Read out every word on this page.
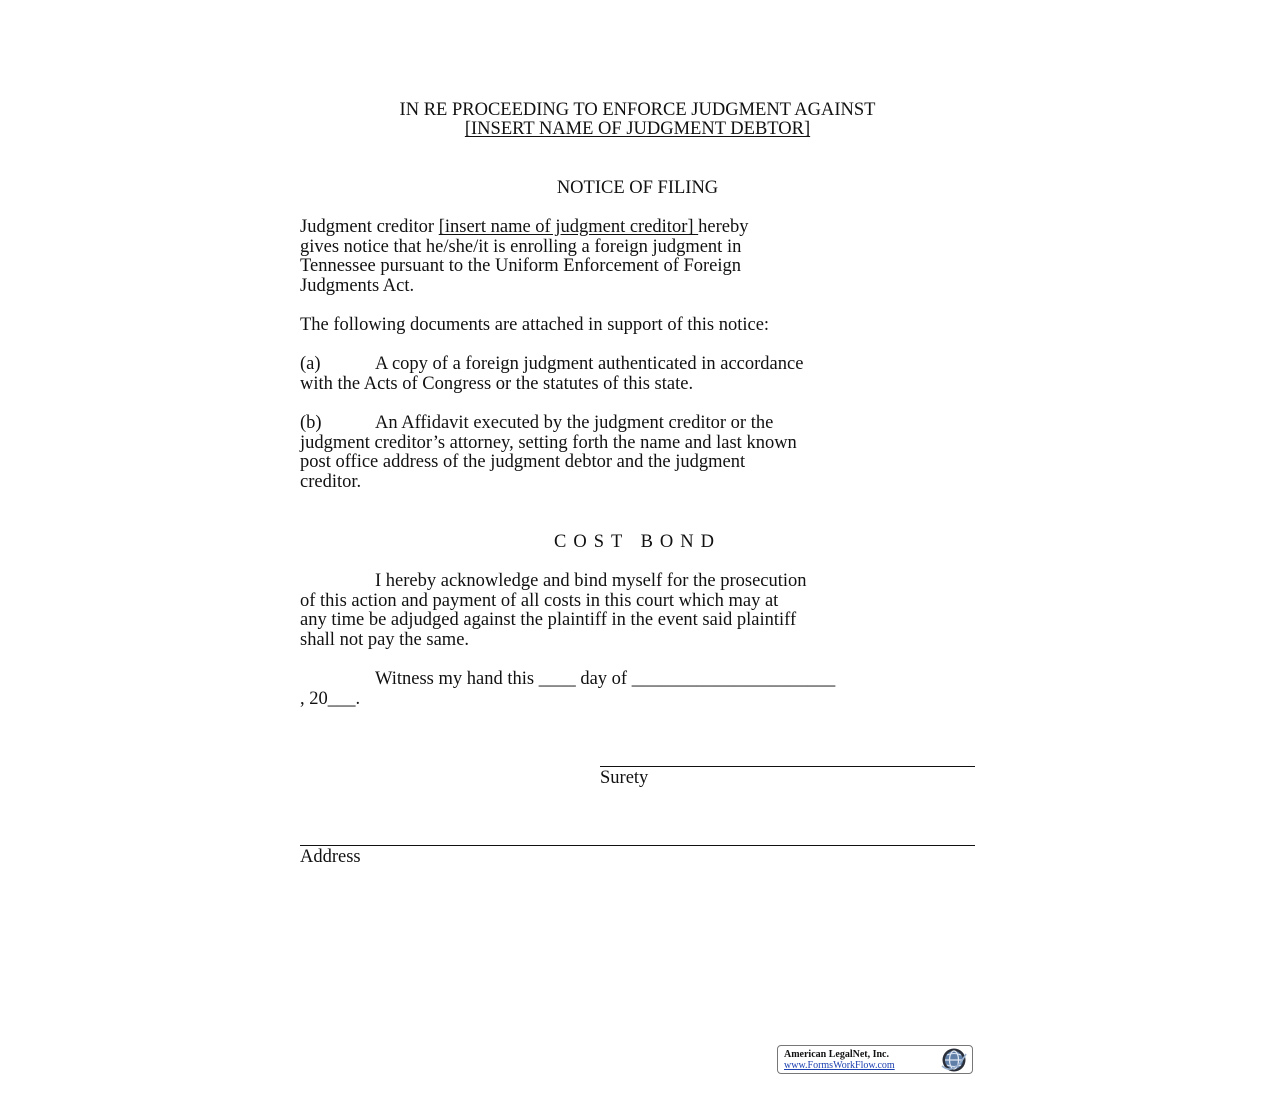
IN RE PROCEEDING TO ENFORCE JUDGMENT AGAINST
[INSERT NAME OF JUDGMENT DEBTOR]
NOTICE OF FILING

Judgment creditor [insert name of judgment creditor] hereby

gives notice that he/she/it is enrolling a foreign judgment in

Tennessee pursuant to the Uniform Enforcement of Foreign

Judgments Act.

The following documents are attached in support of this notice:

(a)	A copy of a foreign judgment authenticated in accordance

with the Acts of Congress or the statutes of this state.

(b)	An Affidavit executed by the judgment creditor or the

judgment creditor’s attorney, setting forth the name and last known

post office address of the judgment debtor and the judgment

creditor.

COST BOND

I hereby acknowledge and bind myself for the prosecution

of this action and payment of all costs in this court which may at

any time be adjudged against the plaintiff in the event said plaintiff

shall not pay the same.

Witness my hand this ____ day of ______________________

, 20___.

Surety
Address
American LegalNet, Inc.
www.FormsWorkFlow.com
